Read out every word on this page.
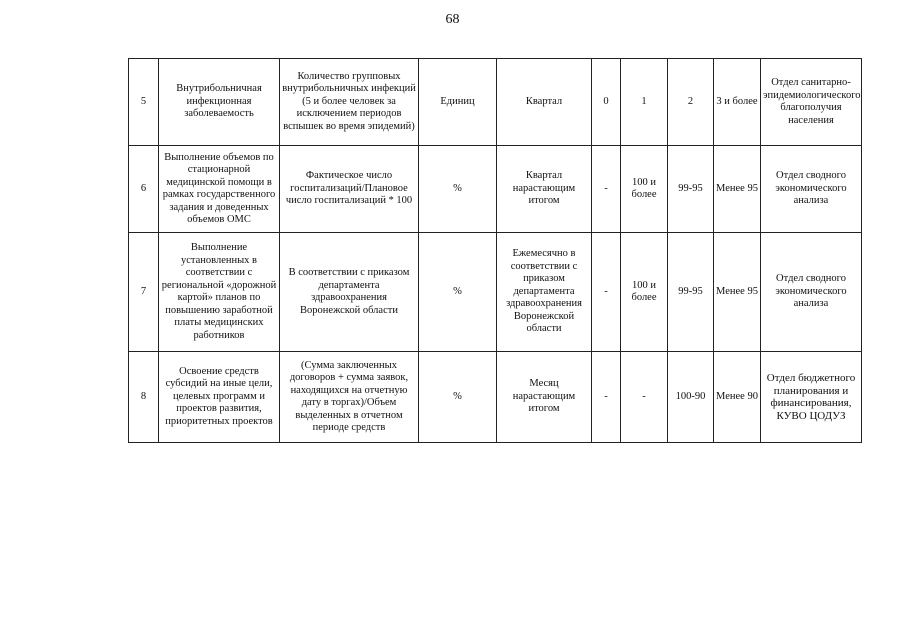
68
5	Внутрибольничная инфекционная заболеваемость	Количество групповых внутрибольничных инфекций (5 и более человек за исключением периодов вспышек во время эпидемий)	Единиц	Квартал	0	1	2	3 и более	Отдел санитарно-эпидемиологического благополучия населения
6	Выполнение объемов по стационарной медицинской помощи в рамках государственного задания и доведенных объемов ОМС	Фактическое число госпитализаций/Плановое число госпитализаций * 100	%	Квартал нарастающим итогом	-	100 и более	99-95	Менее 95	Отдел сводного экономического анализа
7	Выполнение установленных в соответствии с региональной «дорожной картой» планов по повышению заработной платы медицинских работников	В соответствии с приказом департамента здравоохранения Воронежской области	%	Ежемесячно в соответствии с приказом департамента здравоохранения Воронежской области	-	100 и более	99-95	Менее 95	Отдел сводного экономического анализа
8	Освоение средств субсидий на иные цели, целевых программ и проектов развития, приоритетных проектов	(Сумма заключенных договоров + сумма заявок, находящихся на отчетную дату в торгах)/Объем выделенных в отчетном периоде средств	%	Месяц нарастающим итогом	-	-	100-90	Менее 90	Отдел бюджетного планирования и финансирования, КУВО ЦОДУЗ
